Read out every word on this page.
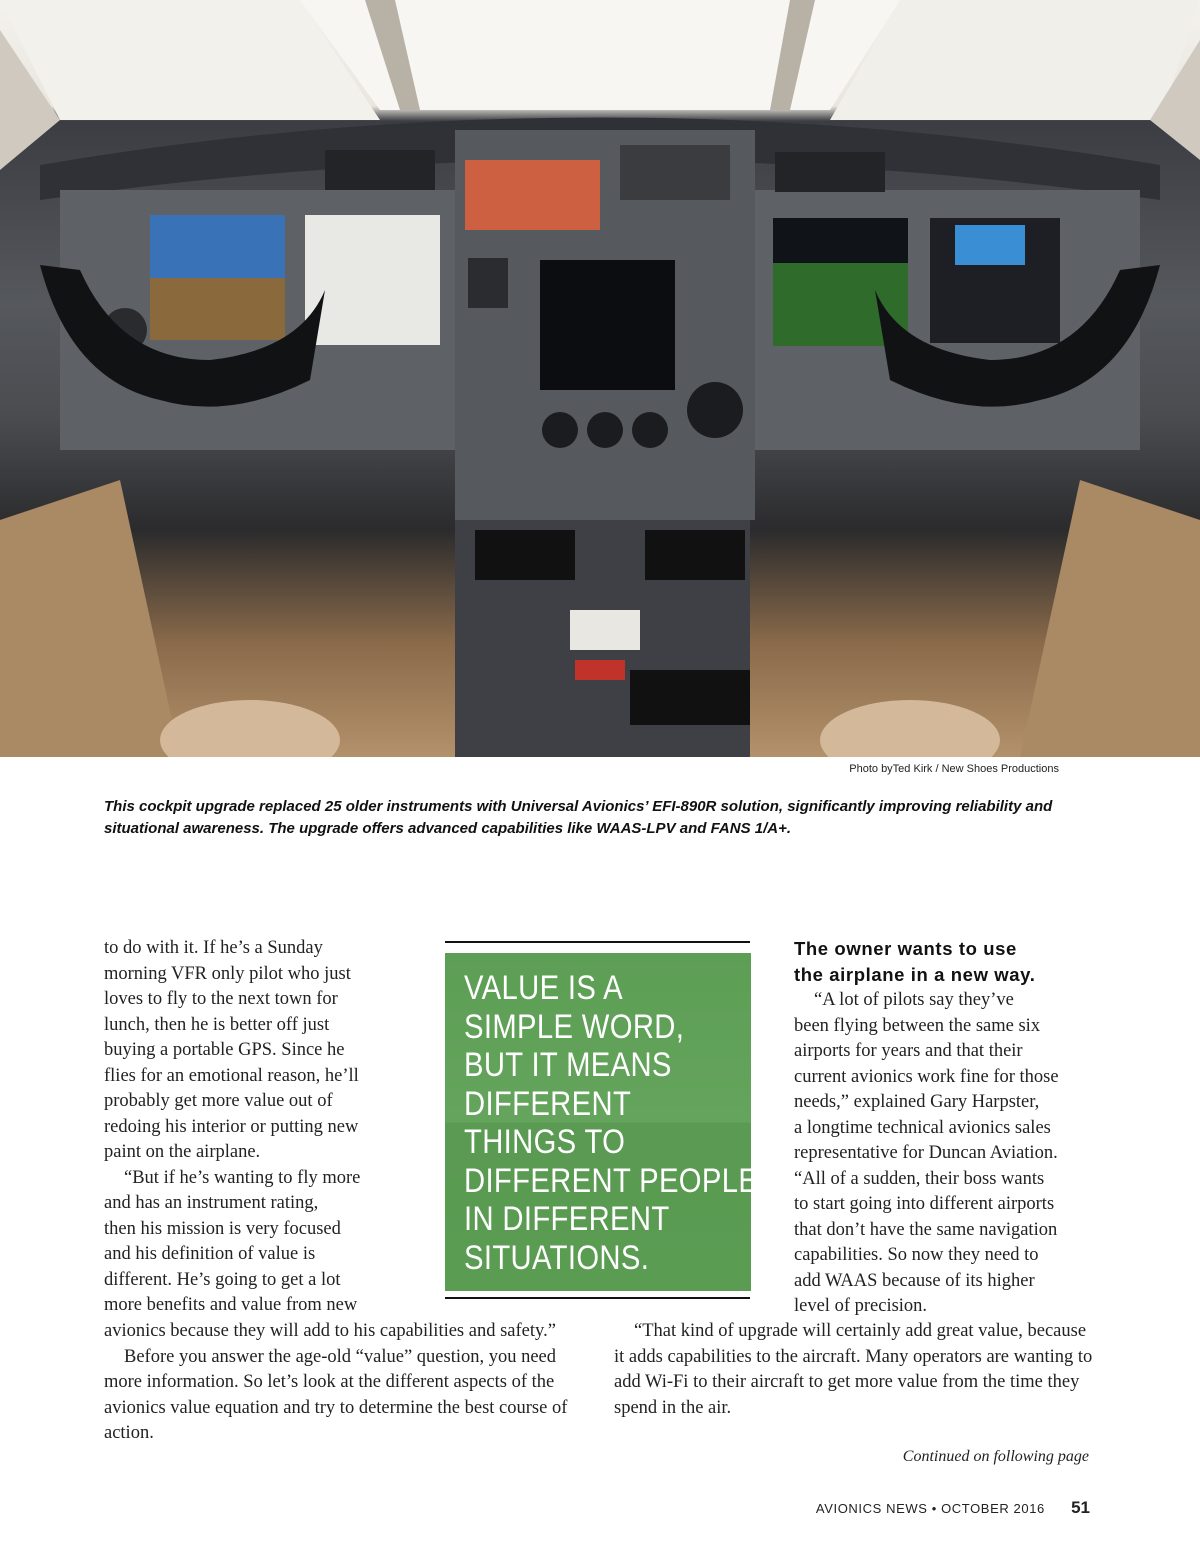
Photo byTed Kirk / New Shoes Productions
This cockpit upgrade replaced 25 older instruments with Universal Avionics’ EFI-890R solution, significantly improving reliability and situational awareness. The upgrade offers advanced capabilities like WAAS-LPV and FANS 1/A+.
to do with it. If he’s a Sunday
morning VFR only pilot who just
loves to fly to the next town for
lunch, then he is better off just
buying a portable GPS. Since he
flies for an emotional reason, he’ll
probably get more value out of
redoing his interior or putting new
paint on the airplane.
“But if he’s wanting to fly more
and has an instrument rating,
then his mission is very focused
and his definition of value is
different. He’s going to get a lot
more benefits and value from new

avionics because they will add to his capabilities and safety.”

Before you answer the age-old “value” question, you need more information. So let’s look at the different aspects of the avionics value equation and try to determine the best course of action.

VALUE IS A
SIMPLE WORD,
BUT IT MEANS
DIFFERENT
THINGS TO
DIFFERENT PEOPLE
IN DIFFERENT
SITUATIONS.
The owner wants to use
the airplane in a new way.
“A lot of pilots say they’ve
been flying between the same six
airports for years and that their
current avionics work fine for those
needs,” explained Gary Harpster,
a longtime technical avionics sales
representative for Duncan Aviation.
“All of a sudden, their boss wants
to start going into different airports
that don’t have the same navigation
capabilities. So now they need to
add WAAS because of its higher
level of precision.

“That kind of upgrade will certainly add great value, because it adds capabilities to the aircraft. Many operators are wanting to add Wi-Fi to their aircraft to get more value from the time they spend in the air.

Continued on following page
AVIONICS NEWS • OCTOBER 2016 51
